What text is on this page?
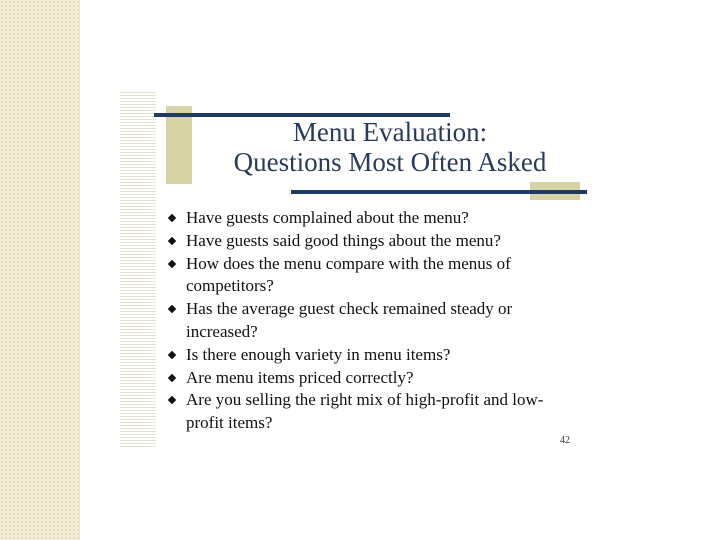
Menu Evaluation:
Questions Most Often Asked
Have guests complained about the menu?
Have guests said good things about the menu?
How does the menu compare with the menus of competitors?
Has the average guest check remained steady or increased?
Is there enough variety in menu items?
Are menu items priced correctly?
Are you selling the right mix of high-profit and low-profit items?
42
